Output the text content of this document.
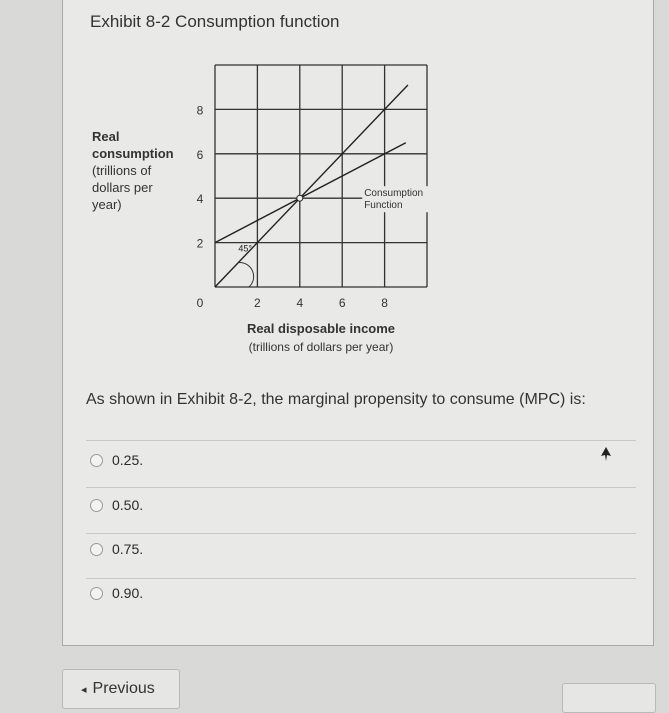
Exhibit 8-2 Consumption function
Real
consumption
(trillions of
dollars per
year)
2	4	6	8
0
2
4
6
8
Consumption
Function
45°
Real disposable income
(trillions of dollars per year)
As shown in Exhibit 8-2, the marginal propensity to consume (MPC) is:
0.25.
0.50.
0.75.
0.90.
◂ Previous
